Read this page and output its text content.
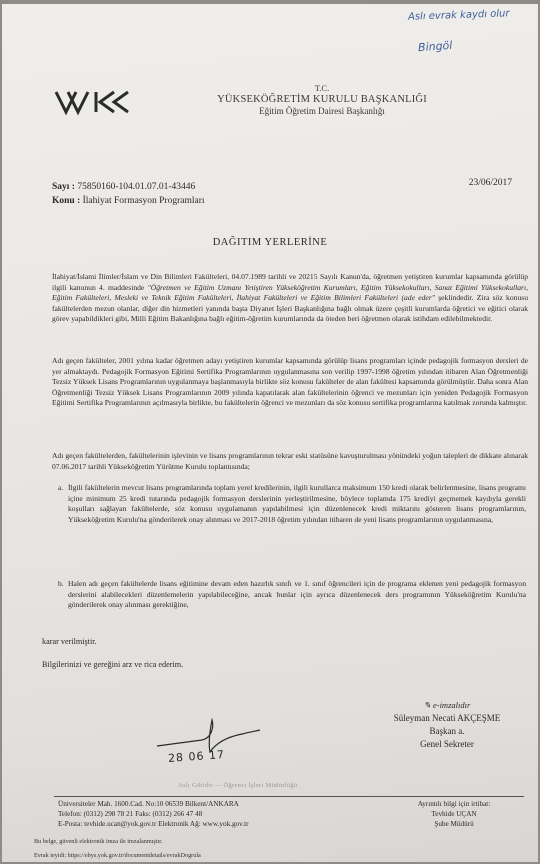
Aslı evrak kaydı olur
Bingöl
T.C.
YÜKSEKÖĞRETİM KURULU BAŞKANLIĞI
Eğitim Öğretim Dairesi Başkanlığı
Sayı : 75850160-104.01.07.01-43446
Konu : İlahiyat Formasyon Programları
23/06/2017
DAĞITIM YERLERİNE
İlahiyat/İslami İlimler/İslam ve Din Bilimleri Fakülteleri, 04.07.1989 tarihli ve 20215 Sayılı Kanun'da, öğretmen yetiştiren kurumlar kapsamında görülüp ilgili kanunun 4. maddesinde "Öğretmen ve Eğitim Uzmanı Yetiştiren Yükseköğretim Kurumları, Eğitim Yüksekokulları, Sanat Eğitimi Yüksekokulları, Eğitim Fakülteleri, Mesleki ve Teknik Eğitim Fakülteleri, İlahiyat Fakülteleri ve Eğitim Bilimleri Fakülteleri (ade eder" şeklindedir. Zira söz konusu fakültelerden mezun olanlar, diğer din hizmetleri yanında başta Diyanet İşleri Başkanlığına bağlı olmak üzere çeşitli kurumlarda öğretici ve eğitici olarak görev yapabildikleri gibi, Milli Eğitim Bakanlığına bağlı eğitim-öğretim kurumlarında da öteden beri öğretmen olarak istihdam edilebilmektedir.
Adı geçen fakülteler, 2001 yılına kadar öğretmen adayı yetiştiren kurumlar kapsamında görülüp lisans programları içinde pedagojik formasyon dersleri de yer almaktaydı. Pedagojik Formasyon Eğitimi Sertifika Programlarının uygulanmasına son verilip 1997-1998 öğretim yılından itibaren Alan Öğretmenliği Tezsiz Yüksek Lisans Programlarının uygulanmaya başlanmasıyla birlikte söz konusu fakülteler de alan fakültesi kapsamında görülmüştür. Daha sonra Alan Öğretmenliği Tezsiz Yüksek Lisans Programlarının 2009 yılında kapatılarak alan fakültelerinin öğrenci ve mezunları için yeniden Pedagojik Formasyon Eğitimi Sertifika Programlarının açılmasıyla birlikte, bu fakültelerin öğrenci ve mezunları da söz konusu sertifika programlarına katılmak zorunda kalmıştır.
Adı geçen fakültelerden, fakültelerinin işlevinin ve lisans programlarının tekrar eski statüsüne kavuşturulması yönündeki yoğun talepleri de dikkate alınarak 07.06.2017 tarihli Yükseköğretim Yürütme Kurulu toplantısında;
a. İlgili fakültelerin mevcut lisans programlarında toplam yerel kredilerinin, ilgili kurullarca maksimum 150 kredi olarak belirlenmesine, lisans programı içine minimum 25 kredi tutarında pedagojik formasyon derslerinin yerleştirilmesine, böylece toplamda 175 krediyi geçmemek kaydıyla gerekli koşulları sağlayan fakültelerde, söz konusu uygulamanın yapılabilmesi için düzenlenecek kredi miktarını gösteren lisans programlarının, Yükseköğretim Kurulu'na gönderilerek onay alınması ve 2017-2018 öğretim yılından itibaren de yeni lisans programlarının uygulanmasına,
b. Halen adı geçen fakültelerde lisans eğitimine devam eden hazırlık sınıfı ve 1. sınıf öğrencileri için de programa eklenen yeni pedagojik formasyon derslerini alabilecekleri düzenlemelerin yapılabileceğine, ancak bunlar için ayrıca düzenlenecek ders programının Yükseköğretim Kurulu'na gönderilerek onay alınması gerektiğine,
karar verilmiştir.
Bilgilerinizi ve gereğini arz ve rica ederim.
✎ e-imzalıdır
Süleyman Necati AKÇEŞME
Başkan a.
Genel Sekreter
28 06 17
Aslı Gibidir — Öğrenci İşleri Müdürlüğü
Üniversiteler Mah. 1600.Cad. No:10 06539 Bilkent/ANKARA
Telefon: (0312) 298 78 21 Faks: (0312) 266 47 48
E-Posta: tevhide.ucan@yok.gov.tr Elektronik Ağ: www.yok.gov.tr
Ayrıntılı bilgi için irtibat:
Tevhide UÇAN
Şube Müdürü
Bu belge, güvenli elektronik imza ile imzalanmıştır.
Evrak teyidi: https://ebys.yok.gov.tr/documentdetails/evrakDogrula
